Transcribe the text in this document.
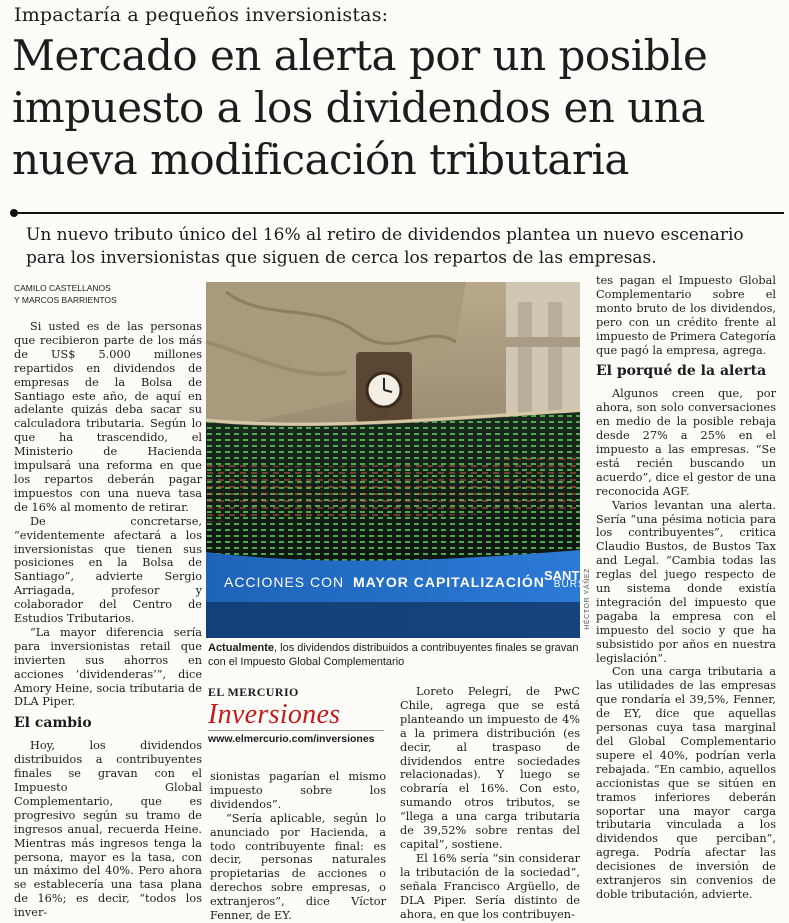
Impactaría a pequeños inversionistas:
Mercado en alerta por un posible impuesto a los dividendos en una nueva modificación tributaria
Un nuevo tributo único del 16% al retiro de dividendos plantea un nuevo escenario para los inversionistas que siguen de cerca los repartos de las empresas.
CAMILO CASTELLANOS
Y MARCOS BARRIENTOS

Si usted es de las personas que recibieron parte de los más de US$ 5.000 millones repartidos en dividendos de empresas de la Bolsa de Santiago este año, de aquí en adelante quizás deba sacar su calculadora tributaria. Según lo que ha trascendido, el Ministerio de Hacienda impulsará una reforma en que los repartos deberán pagar impuestos con una nueva tasa de 16% al momento de retirar.

De concretarse, “evidentemente afectará a los inversionistas que tienen sus posiciones en la Bolsa de Santiago”, advierte Sergio Arriagada, profesor y colaborador del Centro de Estudios Tributarios.

“La mayor diferencia sería para inversionistas retail que invierten sus ahorros en acciones ‘dividenderas’”, dice Amory Heine, socia tributaria de DLA Piper.

El cambio

Hoy, los dividendos distribuidos a contribuyentes finales se gravan con el Impuesto Global Complementario, que es progresivo según su tramo de ingresos anual, recuerda Heine. Mientras más ingresos tenga la persona, mayor es la tasa, con un máximo del 40%. Pero ahora se establecería una tasa plana de 16%; es decir, “todos los inver-

ACCIONES CON MAYOR CAPITALIZACIÓN BURSÁTIL
SANT HÉCTOR YÁÑEZ
Actualmente, los dividendos distribuidos a contribuyentes finales se gravan con el Impuesto Global Complementario
EL MERCURIO
Inversiones
www.elmercurio.com/inversiones

sionistas pagarían el mismo impuesto sobre los dividendos”.

“Sería aplicable, según lo anunciado por Hacienda, a todo contribuyente final: es decir, personas naturales propietarias de acciones o derechos sobre empresas, o extranjeros”, dice Víctor Fenner, de EY.

Loreto Pelegrí, de PwC Chile, agrega que se está planteando un impuesto de 4% a la primera distribución (es decir, al traspaso de dividendos entre sociedades relacionadas). Y luego se cobraría el 16%. Con esto, sumando otros tributos, se “llega a una carga tributaria de 39,52% sobre rentas del capital”, sostiene.

El 16% sería “sin considerar la tributación de la sociedad”, señala Francisco Argüello, de DLA Piper. Sería distinto de ahora, en que los contribuyen-

tes pagan el Impuesto Global Complementario sobre el monto bruto de los dividendos, pero con un crédito frente al impuesto de Primera Categoría que pagó la empresa, agrega.

El porqué de la alerta

Algunos creen que, por ahora, son solo conversaciones en medio de la posible rebaja desde 27% a 25% en el impuesto a las empresas. “Se está recién buscando un acuerdo”, dice el gestor de una reconocida AGF.

Varios levantan una alerta. Sería “una pésima noticia para los contribuyentes”, critica Claudio Bustos, de Bustos Tax and Legal. “Cambia todas las reglas del juego respecto de un sistema donde existía integración del impuesto que pagaba la empresa con el impuesto del socio y que ha subsistido por años en nuestra legislación”.

Con una carga tributaria a las utilidades de las empresas que rondaría el 39,5%, Fenner, de EY, dice que aquellas personas cuya tasa marginal del Global Complementario supere el 40%, podrían verla rebajada. “En cambio, aquellos accionistas que se sitúen en tramos inferiores deberán soportar una mayor carga tributaria vinculada a los dividendos que perciban”, agrega. Podría afectar las decisiones de inversión de extranjeros sin convenios de doble tributación, advierte.
